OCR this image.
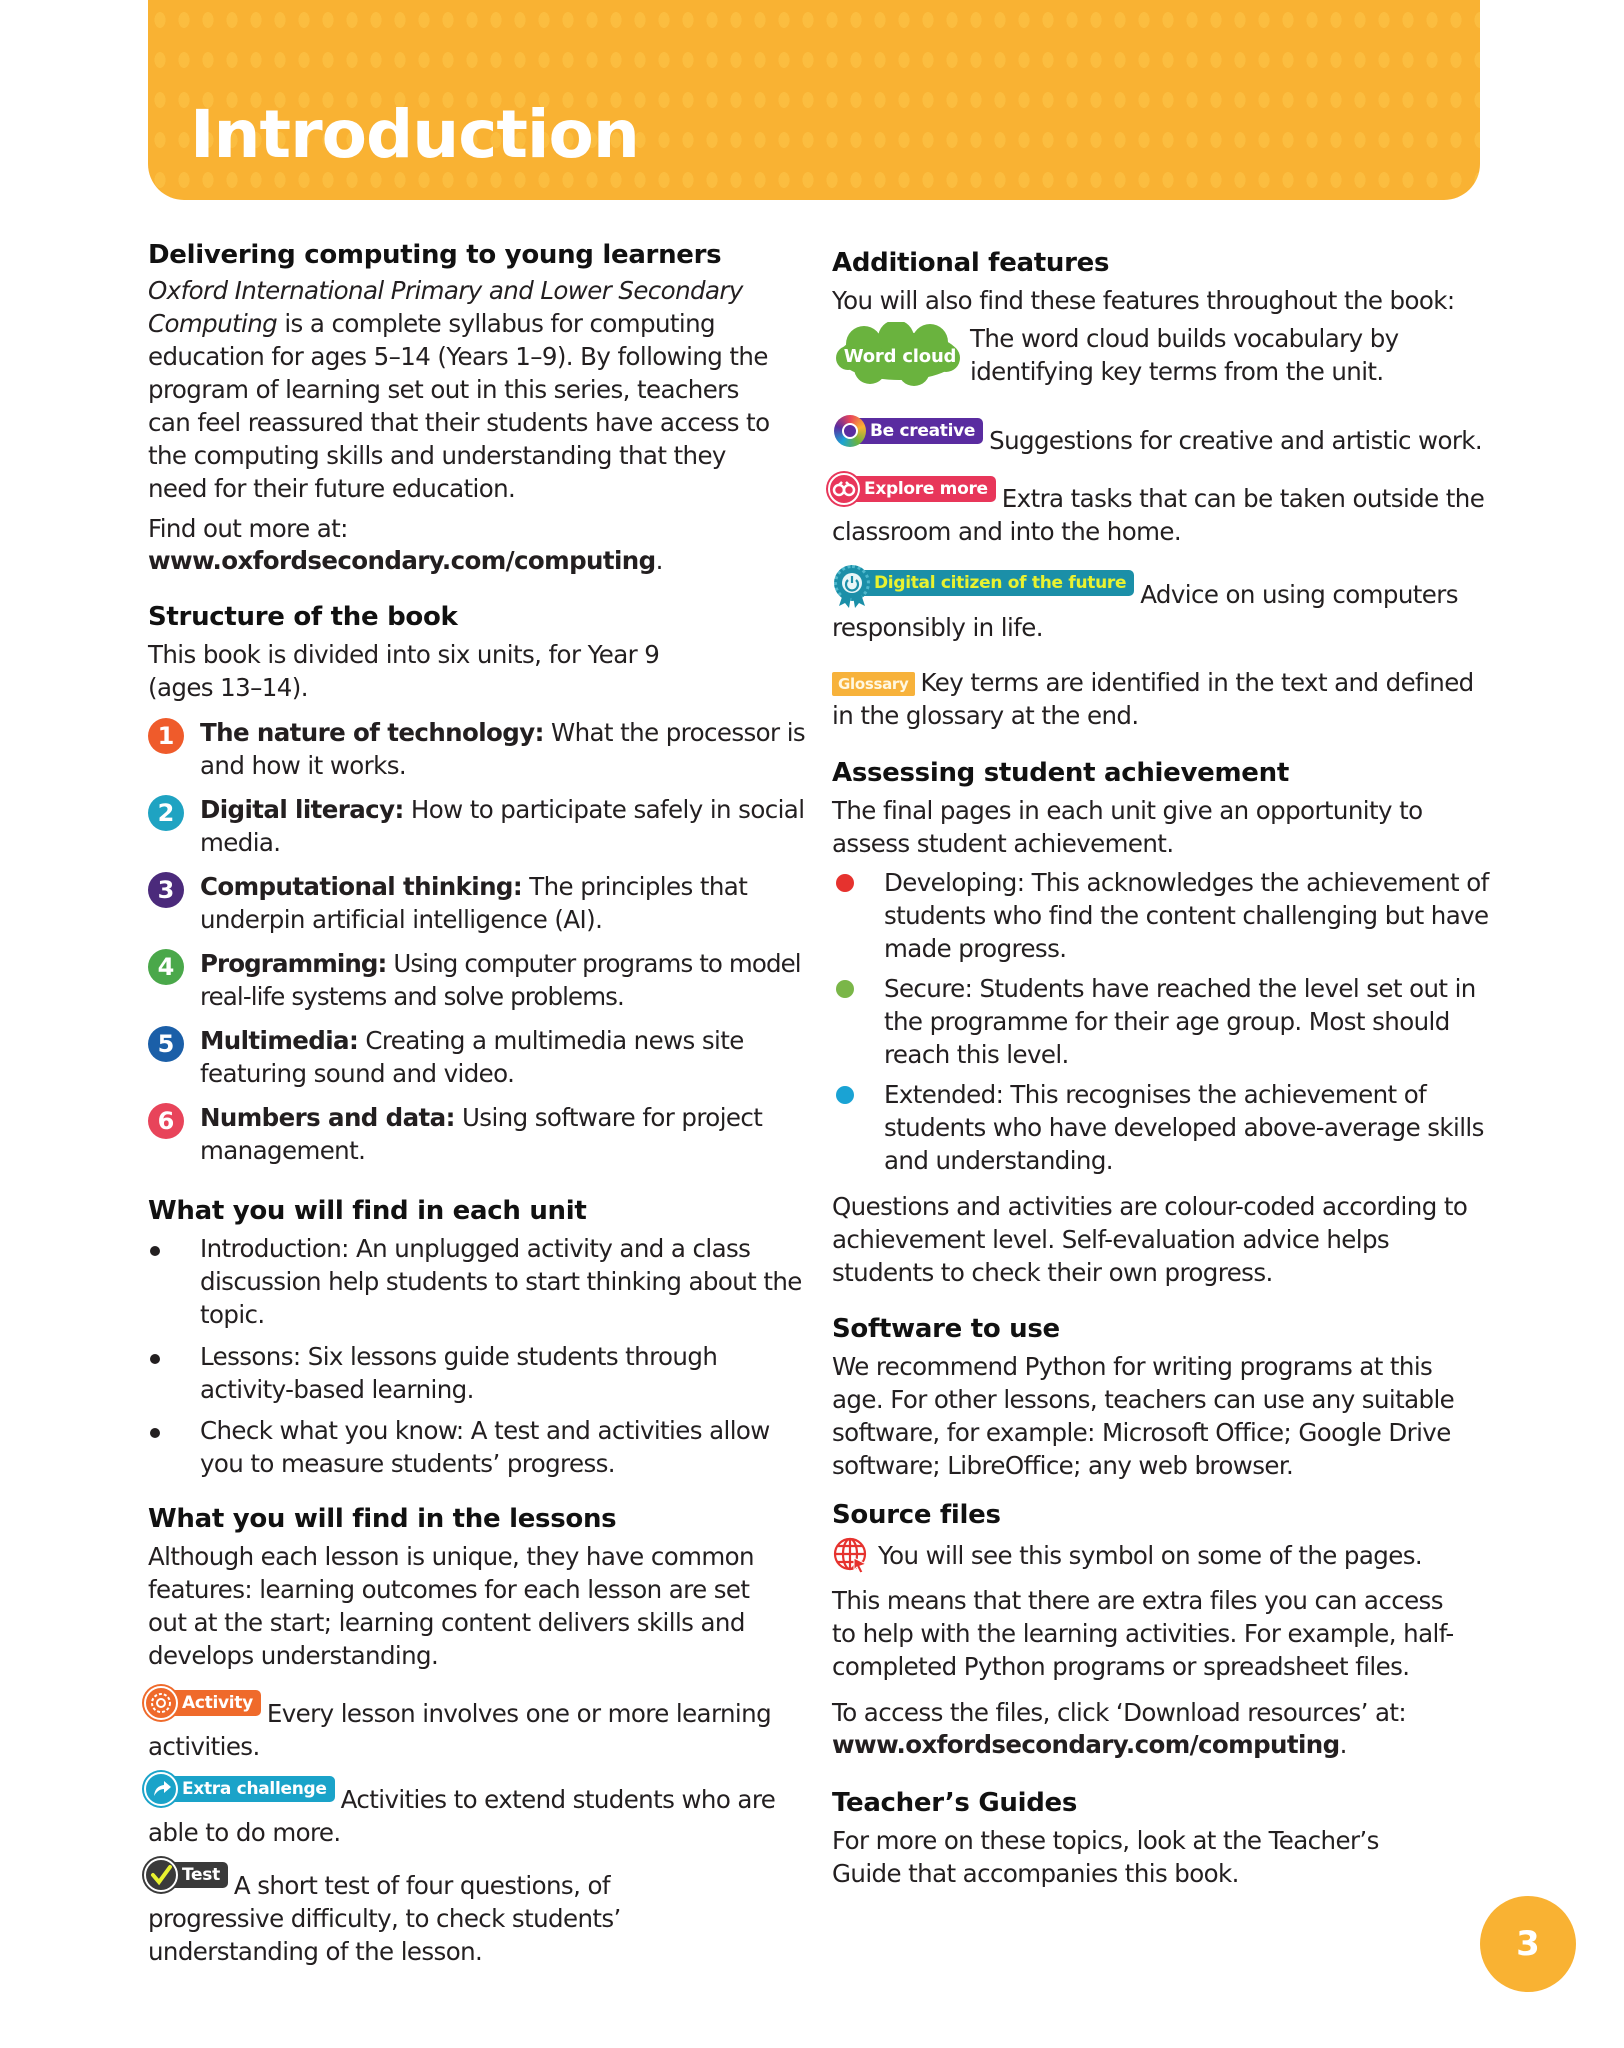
Introduction
Delivering computing to young learners
Oxford International Primary and Lower Secondary Computing is a complete syllabus for computing education for ages 5–14 (Years 1–9). By following the program of learning set out in this series, teachers can feel reassured that their students have access to the computing skills and understanding that they need for their future education.
Find out more at:
www.oxfordsecondary.com/computing.
Structure of the book
This book is divided into six units, for Year 9 (ages 13–14).
1	The nature of technology: What the processor is and how it works.
2	Digital literacy: How to participate safely in social media.
3	Computational thinking: The principles that underpin artificial intelligence (AI).
4	Programming: Using computer programs to model real-life systems and solve problems.
5	Multimedia: Creating a multimedia news site featuring sound and video.
6	Numbers and data: Using software for project management.
What you will find in each unit
Introduction: An unplugged activity and a class discussion help students to start thinking about the topic.
Lessons: Six lessons guide students through activity-based learning.
Check what you know: A test and activities allow you to measure students’ progress.
What you will find in the lessons
Although each lesson is unique, they have common features: learning outcomes for each lesson are set out at the start; learning content delivers skills and develops understanding.
Activity Every lesson involves one or more learning activities.
Extra challenge Activities to extend students who are able to do more.
Test A short test of four questions, of progressive difficulty, to check students’ understanding of the lesson.
Additional features
You will also find these features throughout the book:
Word cloud
The word cloud builds vocabulary by identifying key terms from the unit.
Be creative Suggestions for creative and artistic work.
Explore more Extra tasks that can be taken outside the classroom and into the home.
Digital citizen of the future Advice on using computers responsibly in life.
Glossary Key terms are identified in the text and defined in the glossary at the end.
Assessing student achievement
The final pages in each unit give an opportunity to assess student achievement.
Developing: This acknowledges the achievement of students who find the content challenging but have made progress.
Secure: Students have reached the level set out in the programme for their age group. Most should reach this level.
Extended: This recognises the achievement of students who have developed above-average skills and understanding.
Questions and activities are colour-coded according to achievement level. Self-evaluation advice helps students to check their own progress.
Software to use
We recommend Python for writing programs at this age. For other lessons, teachers can use any suitable software, for example: Microsoft Office; Google Drive software; LibreOffice; any web browser.
Source files
You will see this symbol on some of the pages.
This means that there are extra files you can access to help with the learning activities. For example, half-completed Python programs or spreadsheet files.
To access the files, click ‘Download resources’ at:
www.oxfordsecondary.com/computing.
Teacher’s Guides
For more on these topics, look at the Teacher’s Guide that accompanies this book.
3
